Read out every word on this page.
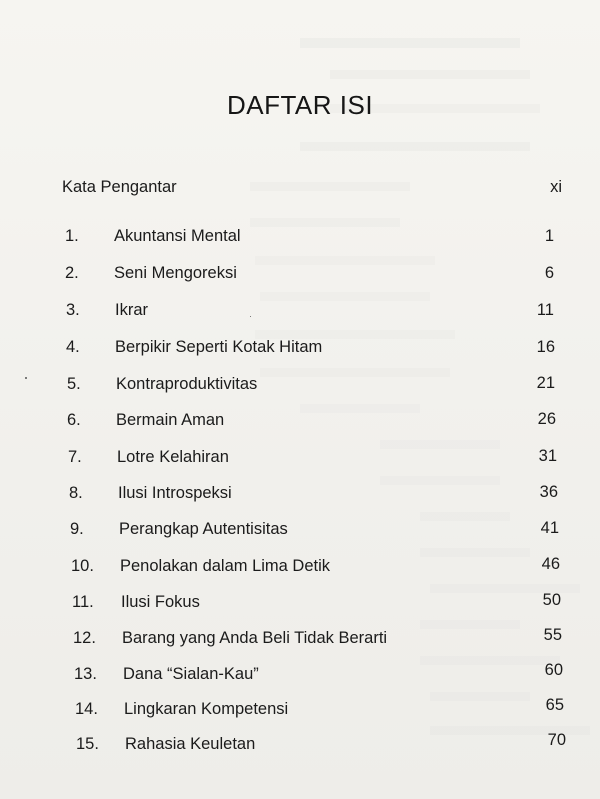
DAFTAR ISI
Kata Pengantar	xi
1. Akuntansi Mental
2. Seni Mengoreksi
3. Ikrar
4. Berpikir Seperti Kotak Hitam
5. Kontraproduktivitas
6. Bermain Aman
7. Lotre Kelahiran
8. Ilusi Introspeksi
9. Perangkap Autentisitas
10. Penolakan dalam Lima Detik
11. Ilusi Fokus
12. Barang yang Anda Beli Tidak Berarti
13. Dana “Sialan-Kau”
14. Lingkaran Kompetensi
15. Rahasia Keuletan
1
6
11
16
21
26
31
36
41
46
50
55
60
65
70
